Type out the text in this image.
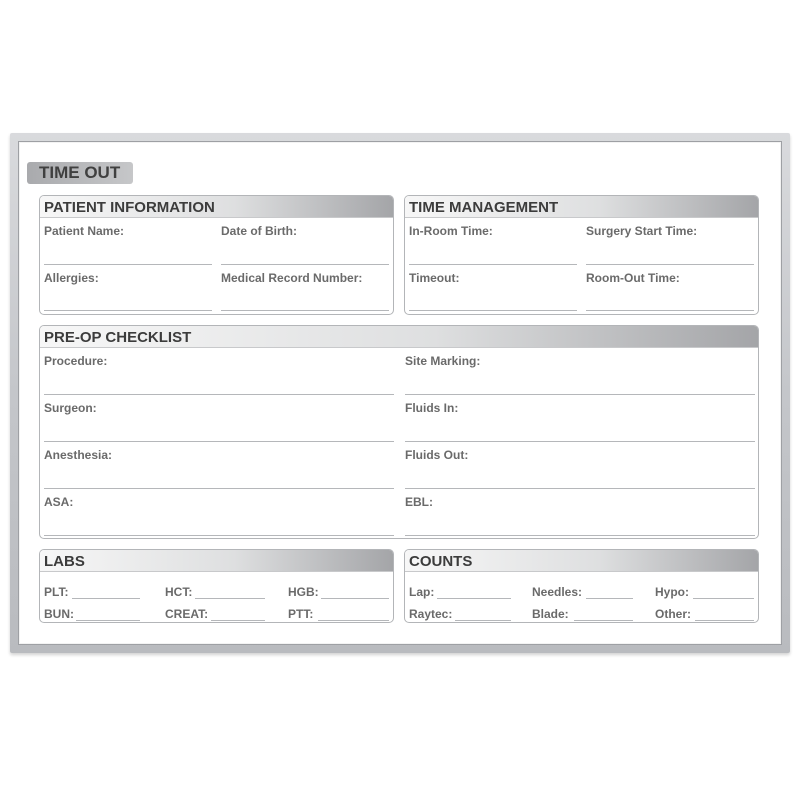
TIME OUT
PATIENT INFORMATION
Patient Name:	Date of Birth:
Allergies:	Medical Record Number:
TIME MANAGEMENT
In-Room Time:	Surgery Start Time:
Timeout:	Room-Out Time:
PRE-OP CHECKLIST
Procedure:	Site Marking:
Surgeon:	Fluids In:
Anesthesia:	Fluids Out:
ASA:	EBL:
LABS
PLT:	HCT:	HGB:
BUN:	CREAT:	PTT:
COUNTS
Lap:	Needles:	Hypo:
Raytec:	Blade:	Other:
